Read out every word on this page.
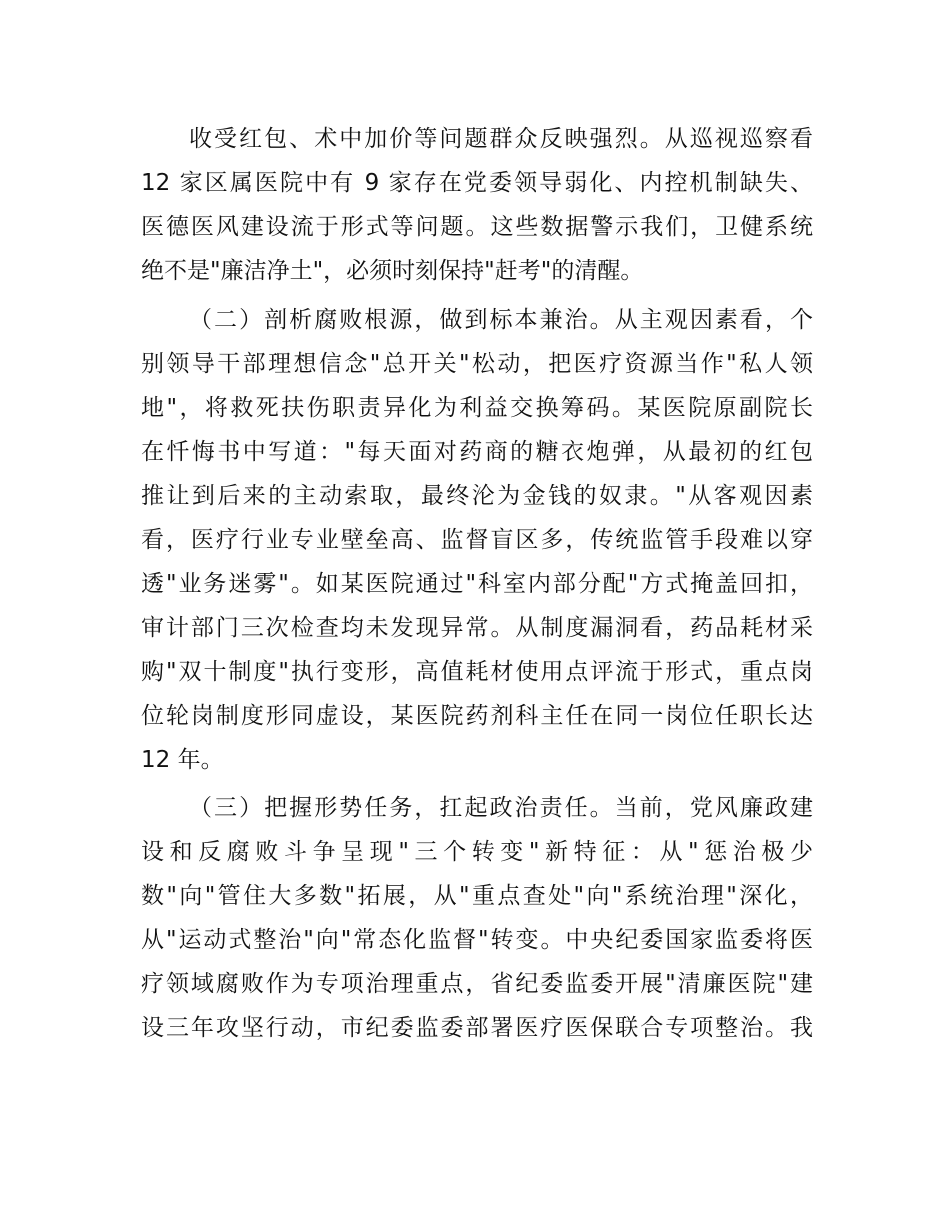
收受红包、术中加价等问题群众反映强烈。从巡视巡察看
12 家区属医院中有 9 家存在党委领导弱化、内控机制缺失、
医德医风建设流于形式等问题。这些数据警示我们，卫健系统
绝不是"廉洁净土"，必须时刻保持"赶考"的清醒。
（二）剖析腐败根源，做到标本兼治。从主观因素看，个
别领导干部理想信念"总开关"松动，把医疗资源当作"私人领
地"，将救死扶伤职责异化为利益交换筹码。某医院原副院长
在忏悔书中写道："每天面对药商的糖衣炮弹，从最初的红包
推让到后来的主动索取，最终沦为金钱的奴隶。"从客观因素
看，医疗行业专业壁垒高、监督盲区多，传统监管手段难以穿
透"业务迷雾"。如某医院通过"科室内部分配"方式掩盖回扣，
审计部门三次检查均未发现异常。从制度漏洞看，药品耗材采
购"双十制度"执行变形，高值耗材使用点评流于形式，重点岗
位轮岗制度形同虚设，某医院药剂科主任在同一岗位任职长达
12 年。
（三）把握形势任务，扛起政治责任。当前，党风廉政建
设和反腐败斗争呈现"三个转变"新特征：从"惩治极少
数"向"管住大多数"拓展，从"重点查处"向"系统治理"深化，
从"运动式整治"向"常态化监督"转变。中央纪委国家监委将医
疗领域腐败作为专项治理重点，省纪委监委开展"清廉医院"建
设三年攻坚行动，市纪委监委部署医疗医保联合专项整治。我
